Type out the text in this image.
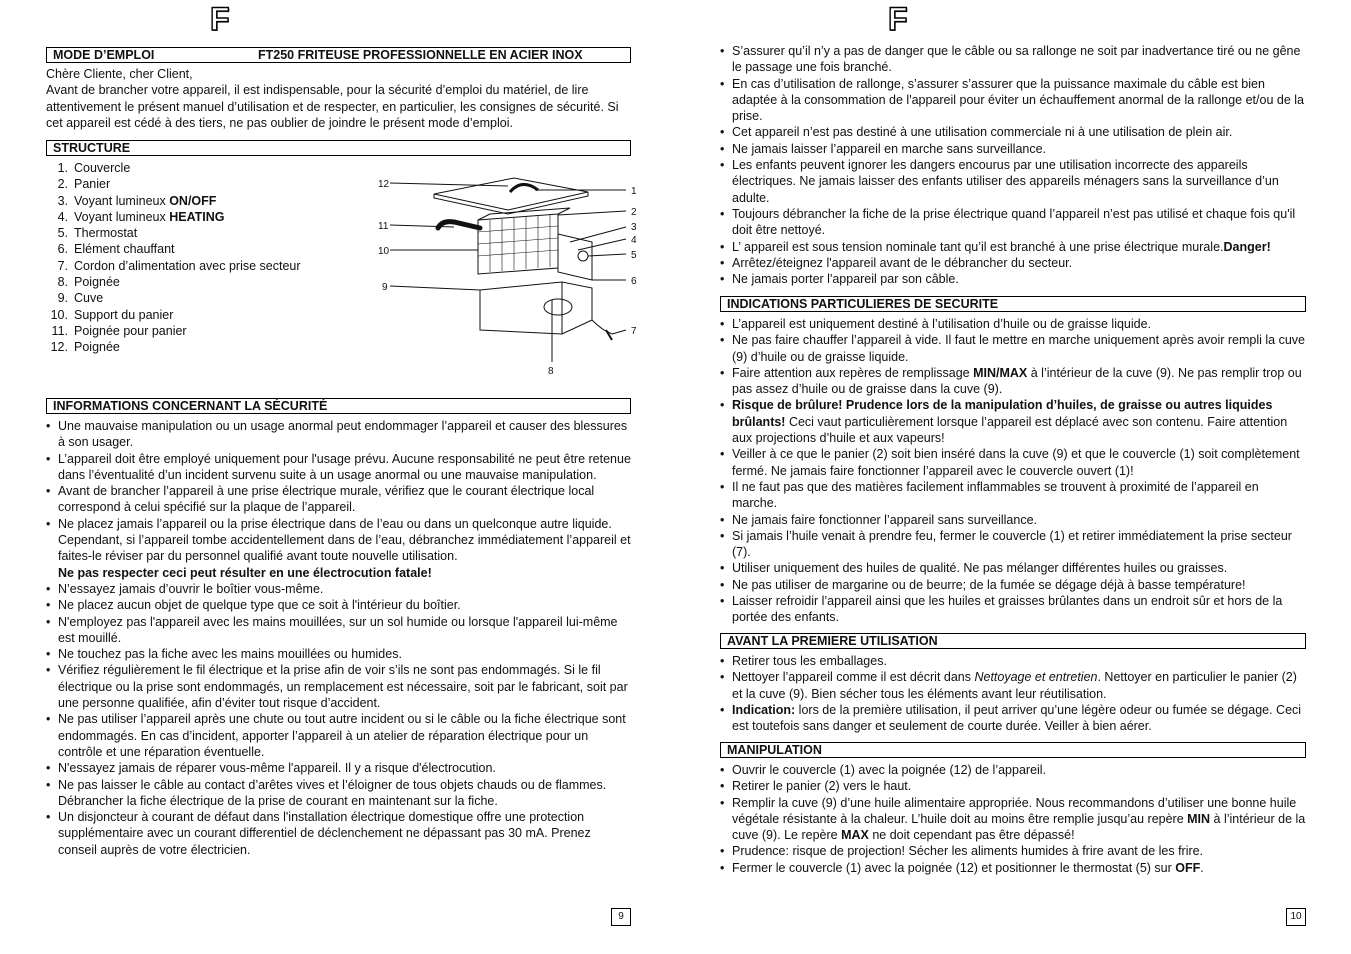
F
MODE D’EMPLOI	FT250 FRITEUSE PROFESSIONNELLE EN ACIER INOX

Chère Cliente, cher Client,

Avant de brancher votre appareil, il est indispensable, pour la sécurité d’emploi du matériel, de lire attentivement le présent manuel d’utilisation et de respecter, en particulier, les consignes de sécurité. Si cet appareil est cédé à des tiers, ne pas oublier de joindre le présent mode d’emploi.

STRUCTURE
1. Couvercle
2. Panier
3. Voyant lumineux ON/OFF
4. Voyant lumineux HEATING
5. Thermostat
6. Elément chauffant
7. Cordon d’alimentation avec prise secteur
8. Poignée
9. Cuve
10. Support du panier
11. Poignée pour panier
12. Poignée
12
11
10
9
1
2
3
4
5
6
7
8
INFORMATIONS CONCERNANT LA SÉCURITÉ
• Une mauvaise manipulation ou un usage anormal peut endommager l’appareil et causer des blessures à son usager.
• L’appareil doit être employé uniquement pour l'usage prévu. Aucune responsabilité ne peut être retenue dans l’éventualité d’un incident survenu suite à un usage anormal ou une mauvaise manipulation.
• Avant de brancher l’appareil à une prise électrique murale, vérifiez que le courant électrique local correspond à celui spécifié sur la plaque de l’appareil.
• Ne placez jamais l’appareil ou la prise électrique dans de l’eau ou dans un quelconque autre liquide. Cependant, si l’appareil tombe accidentellement dans de l’eau, débranchez immédiatement l’appareil et faites-le réviser par du personnel qualifié avant toute nouvelle utilisation.
Ne pas respecter ceci peut résulter en une électrocution fatale!
• N’essayez jamais d’ouvrir le boîtier vous-même.
• Ne placez aucun objet de quelque type que ce soit à l'intérieur du boîtier.
• N'employez pas l'appareil avec les mains mouillées, sur un sol humide ou lorsque l'appareil lui-même est mouillé.
• Ne touchez pas la fiche avec les mains mouillées ou humides.
• Vérifiez régulièrement le fil électrique et la prise afin de voir s’ils ne sont pas endommagés. Si le fil électrique ou la prise sont endommagés, un remplacement est nécessaire, soit par le fabricant, soit par une personne qualifiée, afin d’éviter tout risque d’accident.
• Ne pas utiliser l’appareil après une chute ou tout autre incident ou si le câble ou la fiche électrique sont endommagés. En cas d’incident, apporter l’appareil à un atelier de réparation électrique pour un contrôle et une réparation éventuelle.
• N'essayez jamais de réparer vous-même l'appareil. Il y a risque d'électrocution.
• Ne pas laisser le câble au contact d’arêtes vives et l’éloigner de tous objets chauds ou de flammes. Débrancher la fiche électrique de la prise de courant en maintenant sur la fiche.
• Un disjoncteur à courant de défaut dans l'installation électrique domestique offre une protection supplémentaire avec un courant differentiel de déclenchement ne dépassant pas 30 mA. Prenez conseil auprès de votre électricien.
9
F
• S’assurer qu’il n’y a pas de danger que le câble ou sa rallonge ne soit par inadvertance tiré ou ne gêne le passage une fois branché.
• En cas d’utilisation de rallonge, s’assurer s’assurer que la puissance maximale du câble est bien adaptée à la consommation de l'appareil pour éviter un échauffement anormal de la rallonge et/ou de la prise.
• Cet appareil n’est pas destiné à une utilisation commerciale ni à une utilisation de plein air.
• Ne jamais laisser l’appareil en marche sans surveillance.
• Les enfants peuvent ignorer les dangers encourus par une utilisation incorrecte des appareils électriques. Ne jamais laisser des enfants utiliser des appareils ménagers sans la surveillance d’un adulte.
• Toujours débrancher la fiche de la prise électrique quand l’appareil n’est pas utilisé et chaque fois qu'il doit être nettoyé.
• L’ appareil est sous tension nominale tant qu’il est branché à une prise électrique murale.Danger!
• Arrêtez/éteignez l'appareil avant de le débrancher du secteur.
• Ne jamais porter l'appareil par son câble.
INDICATIONS PARTICULIERES DE SECURITE
• L’appareil est uniquement destiné à l’utilisation d’huile ou de graisse liquide.
• Ne pas faire chauffer l’appareil à vide. Il faut le mettre en marche uniquement après avoir rempli la cuve (9) d’huile ou de graisse liquide.
• Faire attention aux repères de remplissage MIN/MAX à l’intérieur de la cuve (9). Ne pas remplir trop ou pas assez d’huile ou de graisse dans la cuve (9).
• Risque de brûlure! Prudence lors de la manipulation d’huiles, de graisse ou autres liquides brûlants! Ceci vaut particulièrement lorsque l’appareil est déplacé avec son contenu. Faire attention aux projections d’huile et aux vapeurs!
• Veiller à ce que le panier (2) soit bien inséré dans la cuve (9) et que le couvercle (1) soit complètement fermé. Ne jamais faire fonctionner l’appareil avec le couvercle ouvert (1)!
• Il ne faut pas que des matières facilement inflammables se trouvent à proximité de l’appareil en marche.
• Ne jamais faire fonctionner l’appareil sans surveillance.
• Si jamais l’huile venait à prendre feu, fermer le couvercle (1) et retirer immédiatement la prise secteur (7).
• Utiliser uniquement des huiles de qualité. Ne pas mélanger différentes huiles ou graisses.
• Ne pas utiliser de margarine ou de beurre; de la fumée se dégage déjà à basse température!
• Laisser refroidir l’appareil ainsi que les huiles et graisses brûlantes dans un endroit sûr et hors de la portée des enfants.
AVANT LA PREMIERE UTILISATION
• Retirer tous les emballages.
• Nettoyer l’appareil comme il est décrit dans Nettoyage et entretien. Nettoyer en particulier le panier (2) et la cuve (9). Bien sécher tous les éléments avant leur réutilisation.
• Indication: lors de la première utilisation, il peut arriver qu’une légère odeur ou fumée se dégage. Ceci est toutefois sans danger et seulement de courte durée. Veiller à bien aérer.
MANIPULATION
• Ouvrir le couvercle (1) avec la poignée (12) de l’appareil.
• Retirer le panier (2) vers le haut.
• Remplir la cuve (9) d’une huile alimentaire appropriée. Nous recommandons d’utiliser une bonne huile végétale résistante à la chaleur. L’huile doit au moins être remplie jusqu’au repère MIN à l’intérieur de la cuve (9). Le repère MAX ne doit cependant pas être dépassé!
• Prudence: risque de projection! Sécher les aliments humides à frire avant de les frire.
• Fermer le couvercle (1) avec la poignée (12) et positionner le thermostat (5) sur OFF.
10
